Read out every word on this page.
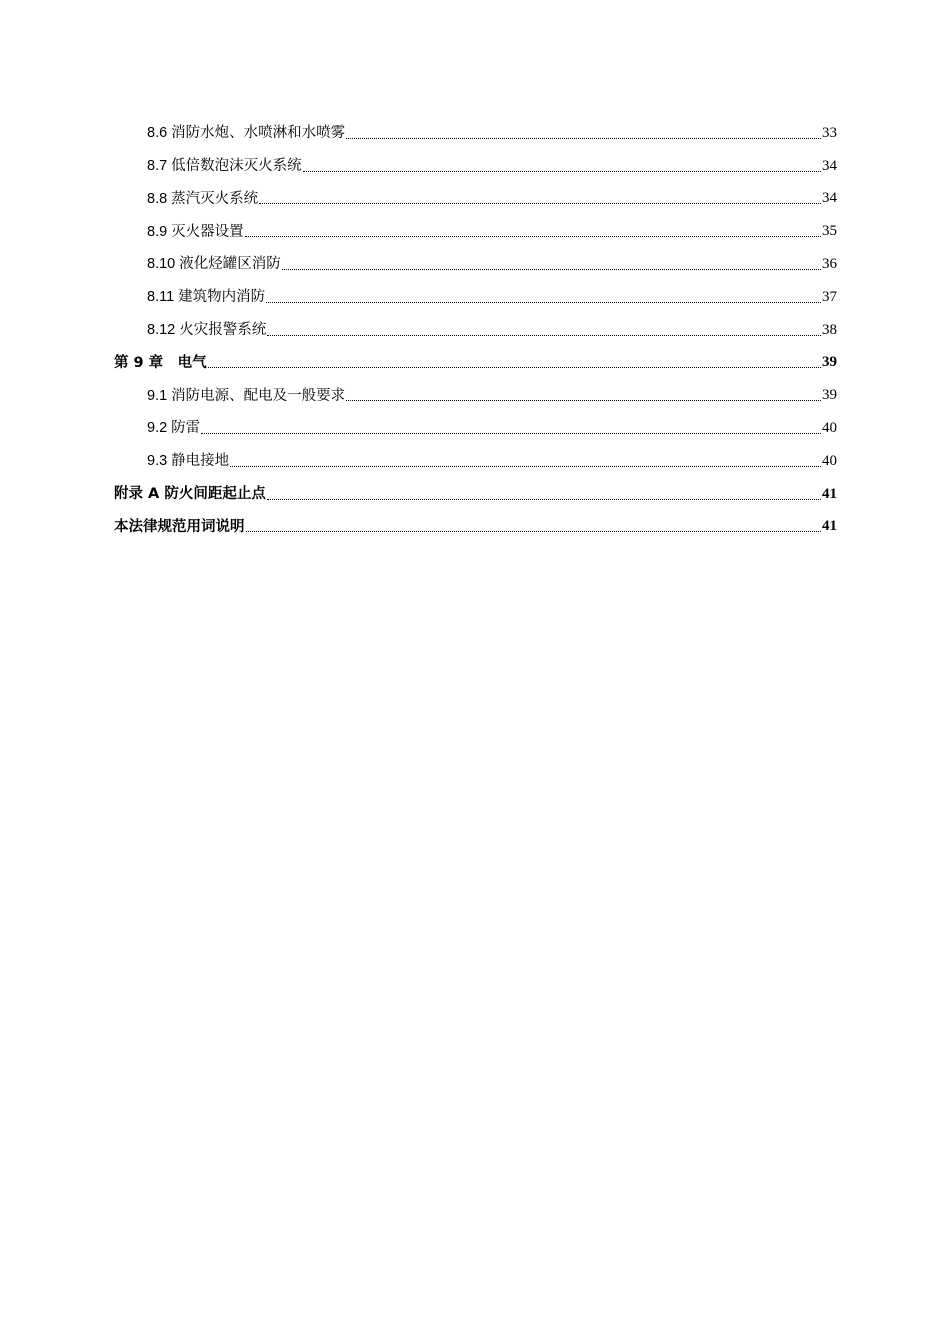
8.6 消防水炮、水喷淋和水喷雾	33
8.7 低倍数泡沫灭火系统	34
8.8 蒸汽灭火系统	34
8.9 灭火器设置	35
8.10 液化烃罐区消防	36
8.11 建筑物内消防	37
8.12 火灾报警系统	38
第 9 章　电气	39
9.1 消防电源、配电及一般要求	39
9.2 防雷	40
9.3 静电接地	40
附录 A 防火间距起止点	41
本法律规范用词说明	41
